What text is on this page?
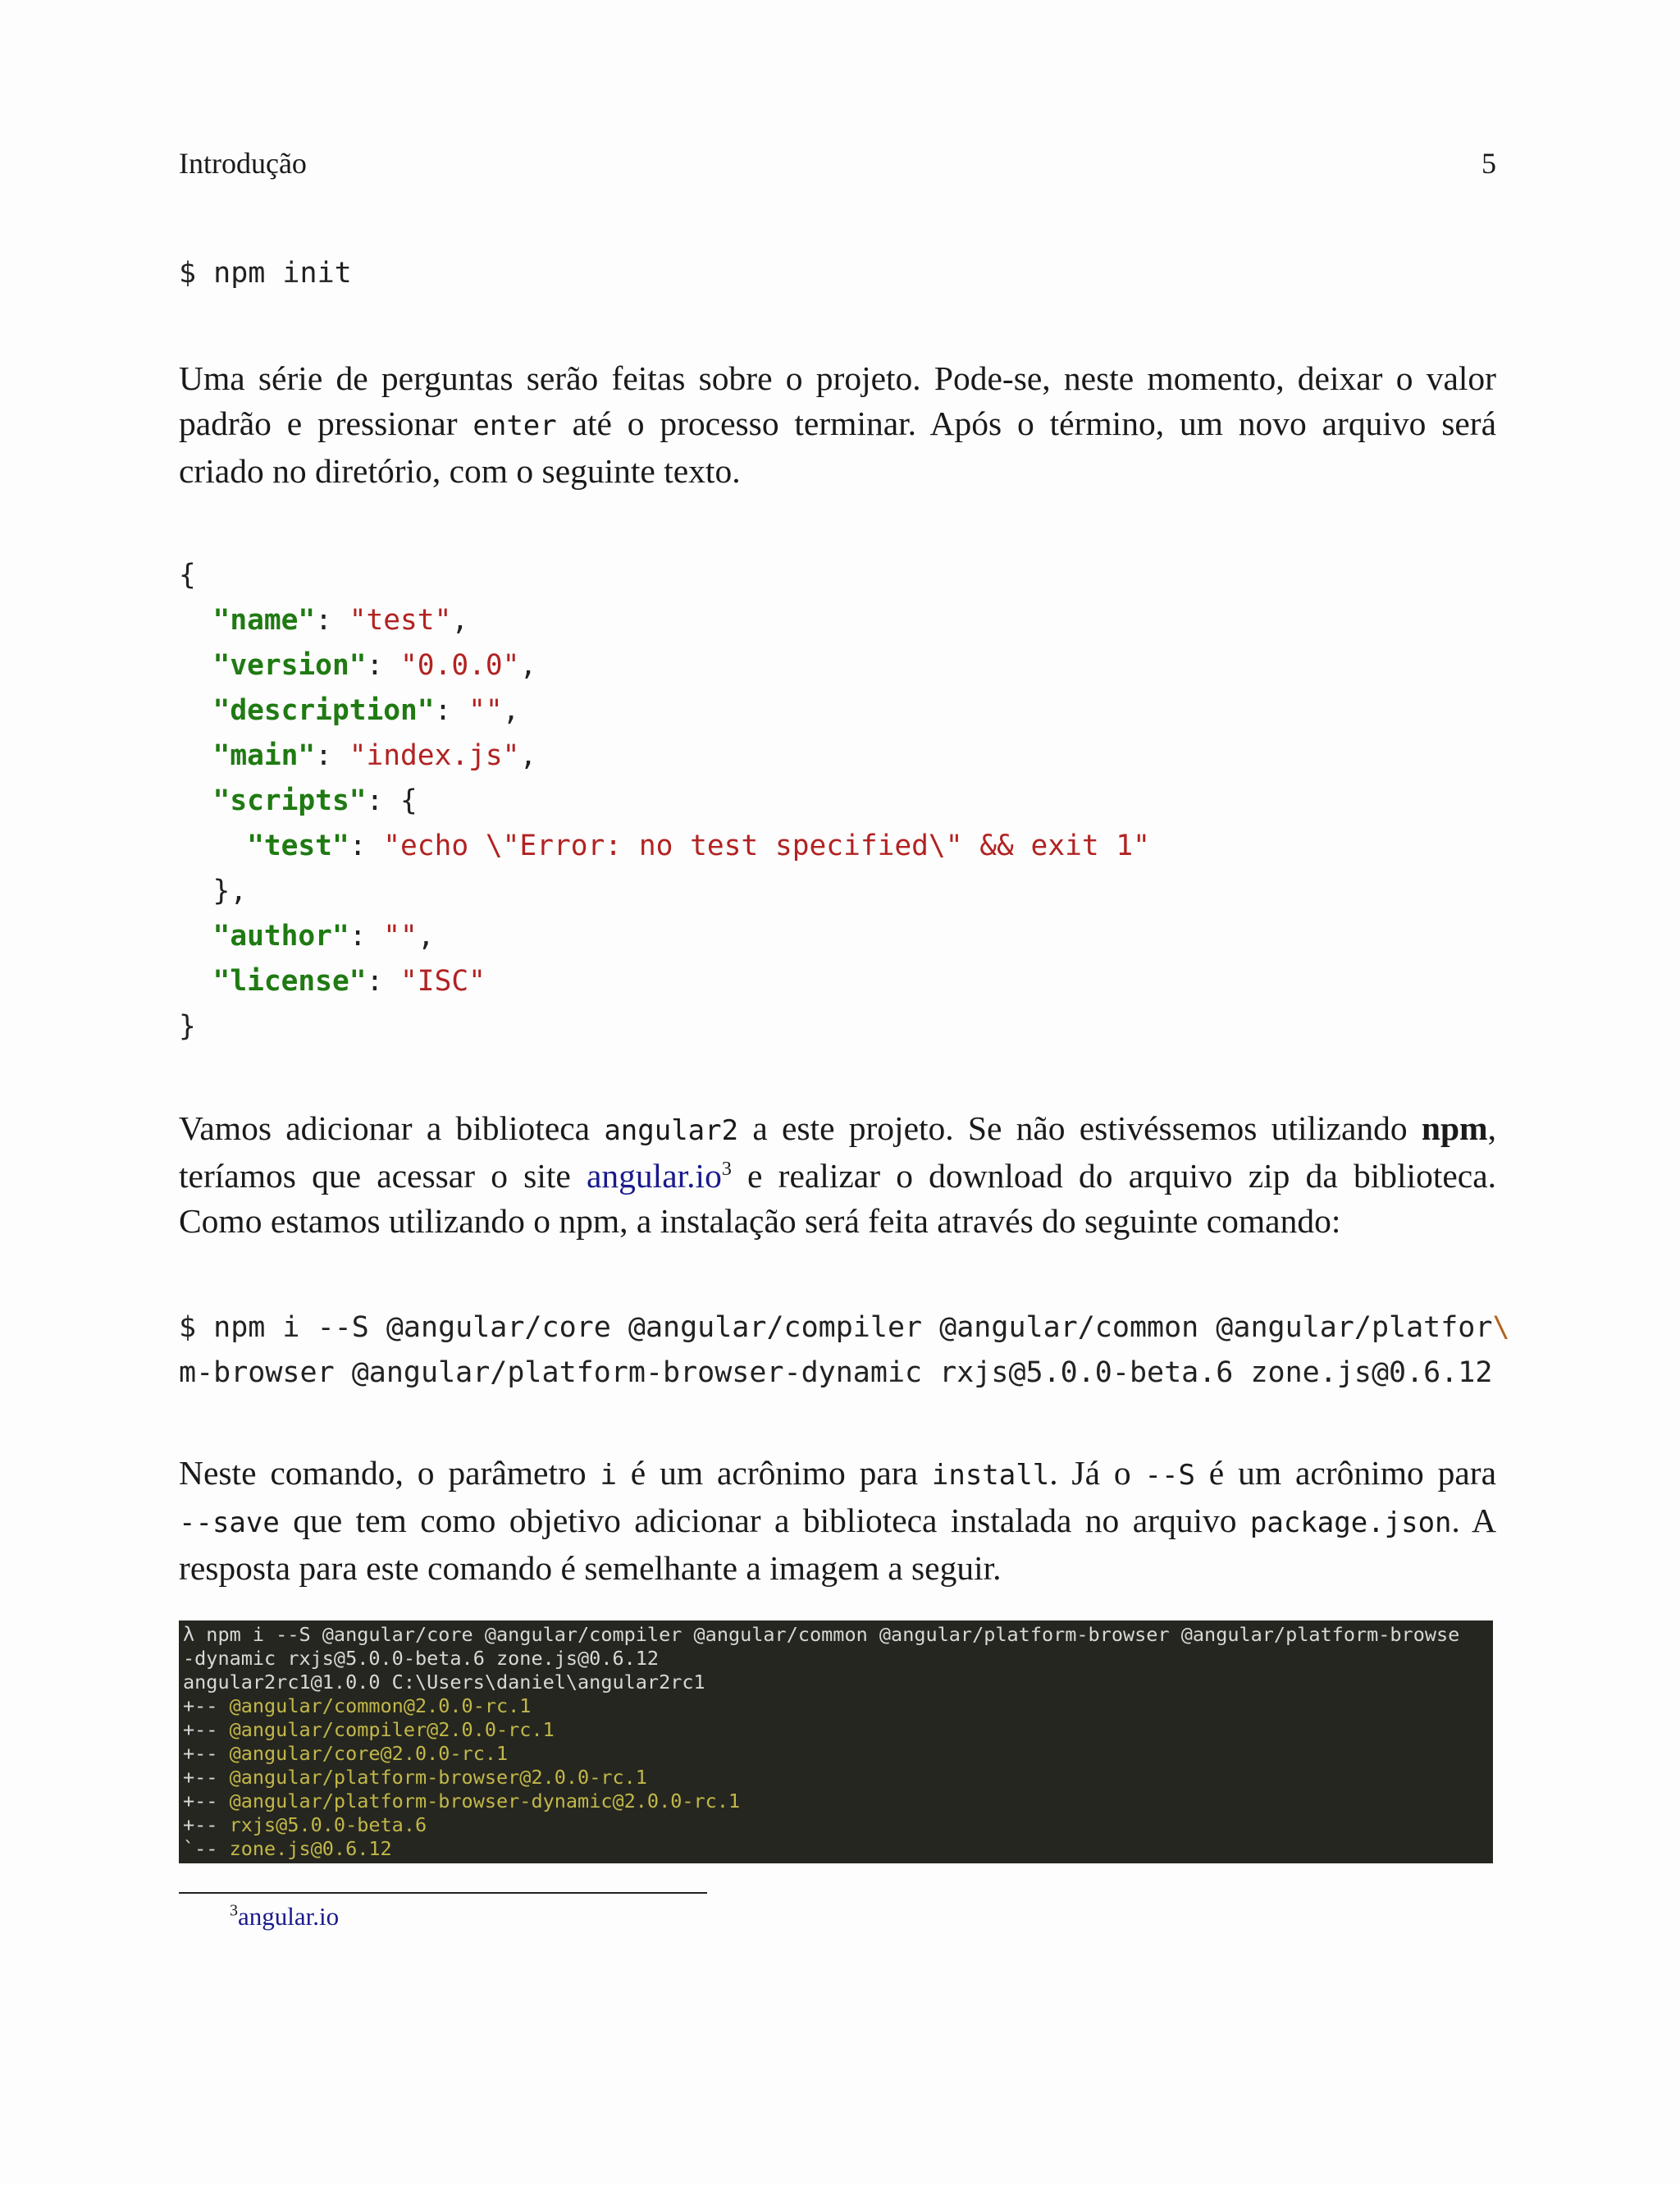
Introdução	5
$ npm init
Uma série de perguntas serão feitas sobre o projeto. Pode-se, neste momento, deixar o valor
padrão e pressionar enter até o processo terminar. Após o término, um novo arquivo será
criado no diretório, com o seguinte texto.
{
"name": "test",
"version": "0.0.0",
"description": "",
"main": "index.js",
"scripts": {
"test": "echo \"Error: no test specified\" && exit 1"
},
"author": "",
"license": "ISC"
}
Vamos adicionar a biblioteca angular2 a este projeto. Se não estivéssemos utilizando npm,
teríamos que acessar o site $angular.io^3$ e realizar o download do arquivo zip da biblioteca.
Como estamos utilizando o npm, a instalação será feita através do seguinte comando:
$ npm i --S @angular/core @angular/compiler @angular/common @angular/platfor\
m-browser @angular/platform-browser-dynamic rxjs@5.0.0-beta.6 zone.js@0.6.12
Neste comando, o parâmetro i é um acrônimo para install. Já o --S é um acrônimo para
--save que tem como objetivo adicionar a biblioteca instalada no arquivo package.json. A
resposta para este comando é semelhante a imagem a seguir.
λ npm i --S @angular/core @angular/compiler @angular/common @angular/platform-browser @angular/platform-browse
-dynamic rxjs@5.0.0-beta.6 zone.js@0.6.12
angular2rc1@1.0.0 C:\Users\daniel\angular2rc1
+-- @angular/common@2.0.0-rc.1
+-- @angular/compiler@2.0.0-rc.1
+-- @angular/core@2.0.0-rc.1
+-- @angular/platform-browser@2.0.0-rc.1
+-- @angular/platform-browser-dynamic@2.0.0-rc.1
+-- rxjs@5.0.0-beta.6
`-- zone.js@0.6.12
$^3$angular.io
